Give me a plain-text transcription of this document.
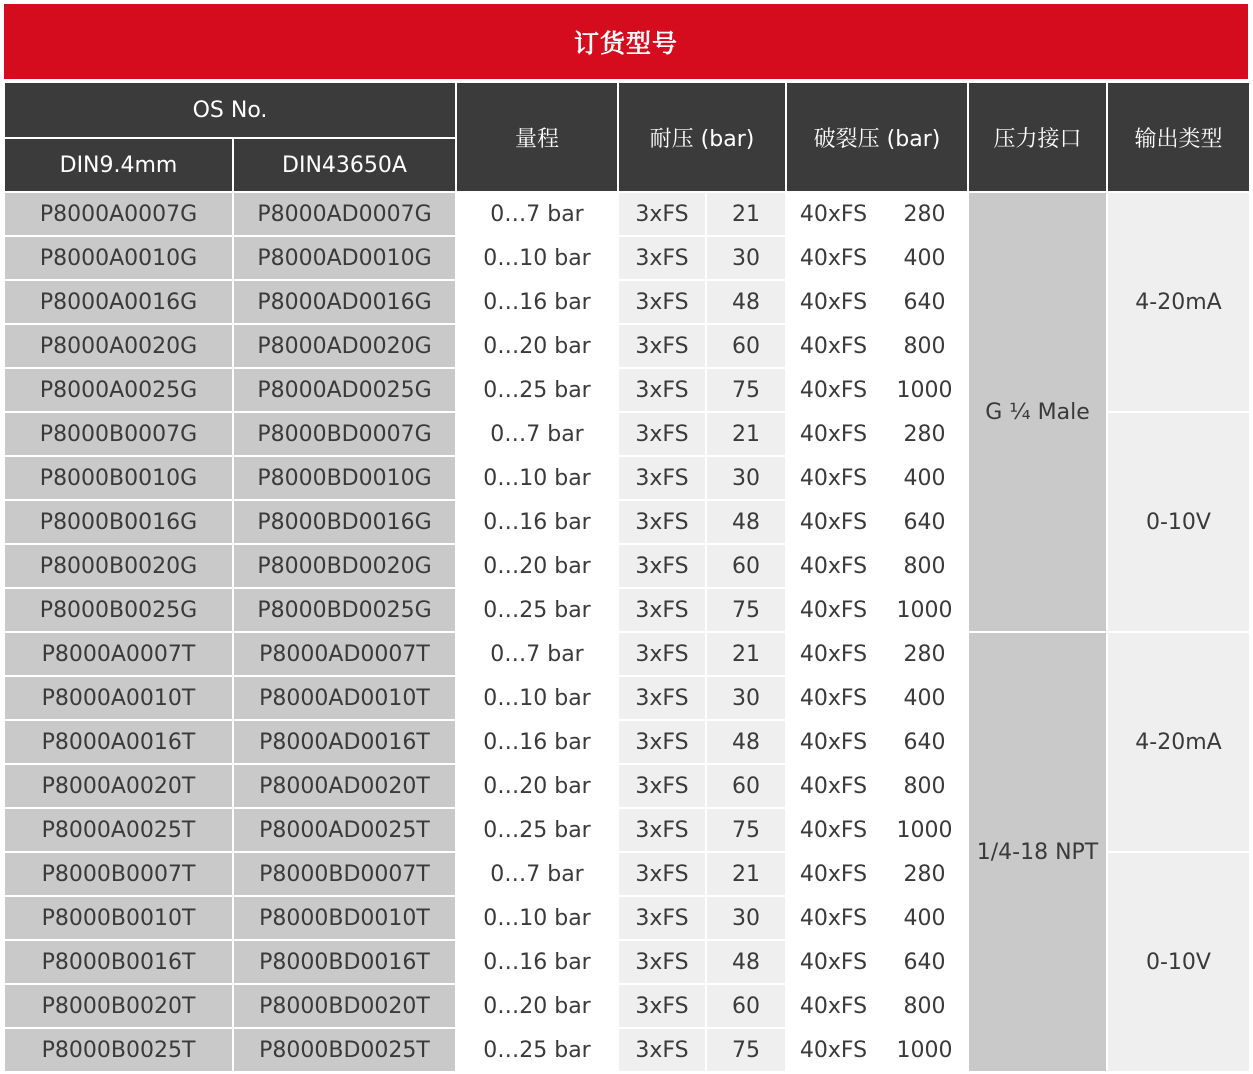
订货型号
OS No.		量程	耐压 (bar)		破裂压 (bar)		压力接口	输出类型
DIN9.4mm	DIN43650A							
P8000A0007G	P8000AD0007G	0…7 bar	3xFS	21	40xFS	280	G ¼ Male	4-20mA
P8000A0010G	P8000AD0010G	0…10 bar	3xFS	30	40xFS	400		
P8000A0016G	P8000AD0016G	0…16 bar	3xFS	48	40xFS	640		
P8000A0020G	P8000AD0020G	0…20 bar	3xFS	60	40xFS	800		
P8000A0025G	P8000AD0025G	0…25 bar	3xFS	75	40xFS	1000		
P8000B0007G	P8000BD0007G	0…7 bar	3xFS	21	40xFS	280		0-10V
P8000B0010G	P8000BD0010G	0…10 bar	3xFS	30	40xFS	400		
P8000B0016G	P8000BD0016G	0…16 bar	3xFS	48	40xFS	640		
P8000B0020G	P8000BD0020G	0…20 bar	3xFS	60	40xFS	800		
P8000B0025G	P8000BD0025G	0…25 bar	3xFS	75	40xFS	1000		
P8000A0007T	P8000AD0007T	0…7 bar	3xFS	21	40xFS	280	1/4-18 NPT	4-20mA
P8000A0010T	P8000AD0010T	0…10 bar	3xFS	30	40xFS	400		
P8000A0016T	P8000AD0016T	0…16 bar	3xFS	48	40xFS	640		
P8000A0020T	P8000AD0020T	0…20 bar	3xFS	60	40xFS	800		
P8000A0025T	P8000AD0025T	0…25 bar	3xFS	75	40xFS	1000		
P8000B0007T	P8000BD0007T	0…7 bar	3xFS	21	40xFS	280		0-10V
P8000B0010T	P8000BD0010T	0…10 bar	3xFS	30	40xFS	400		
P8000B0016T	P8000BD0016T	0…16 bar	3xFS	48	40xFS	640		
P8000B0020T	P8000BD0020T	0…20 bar	3xFS	60	40xFS	800		
P8000B0025T	P8000BD0025T	0…25 bar	3xFS	75	40xFS	1000		
